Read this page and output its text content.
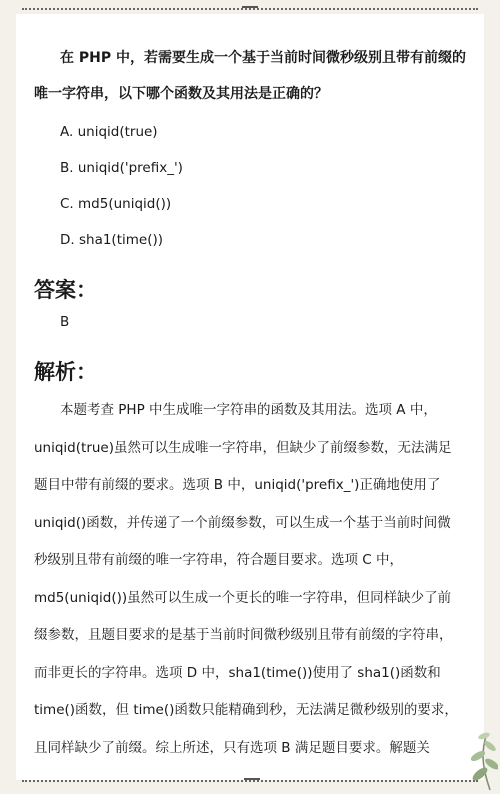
在 PHP 中，若需要生成一个基于当前时间微秒级别且带有前缀的唯一字符串，以下哪个函数及其用法是正确的？

A. uniqid(true)

B. uniqid('prefix_')

C. md5(uniqid())

D. sha1(time())

答案：

B

解析：

本题考查 PHP 中生成唯一字符串的函数及其用法。选项 A 中，uniqid(true)虽然可以生成唯一字符串，但缺少了前缀参数，无法满足题目中带有前缀的要求。选项 B 中，uniqid('prefix_')正确地使用了 uniqid()函数，并传递了一个前缀参数，可以生成一个基于当前时间微秒级别且带有前缀的唯一字符串，符合题目要求。选项 C 中，md5(uniqid())虽然可以生成一个更长的唯一字符串，但同样缺少了前缀参数，且题目要求的是基于当前时间微秒级别且带有前缀的字符串，而非更长的字符串。选项 D 中，sha1(time())使用了 sha1()函数和 time()函数，但 time()函数只能精确到秒，无法满足微秒级别的要求，且同样缺少了前缀。综上所述，只有选项 B 满足题目要求。解题关
